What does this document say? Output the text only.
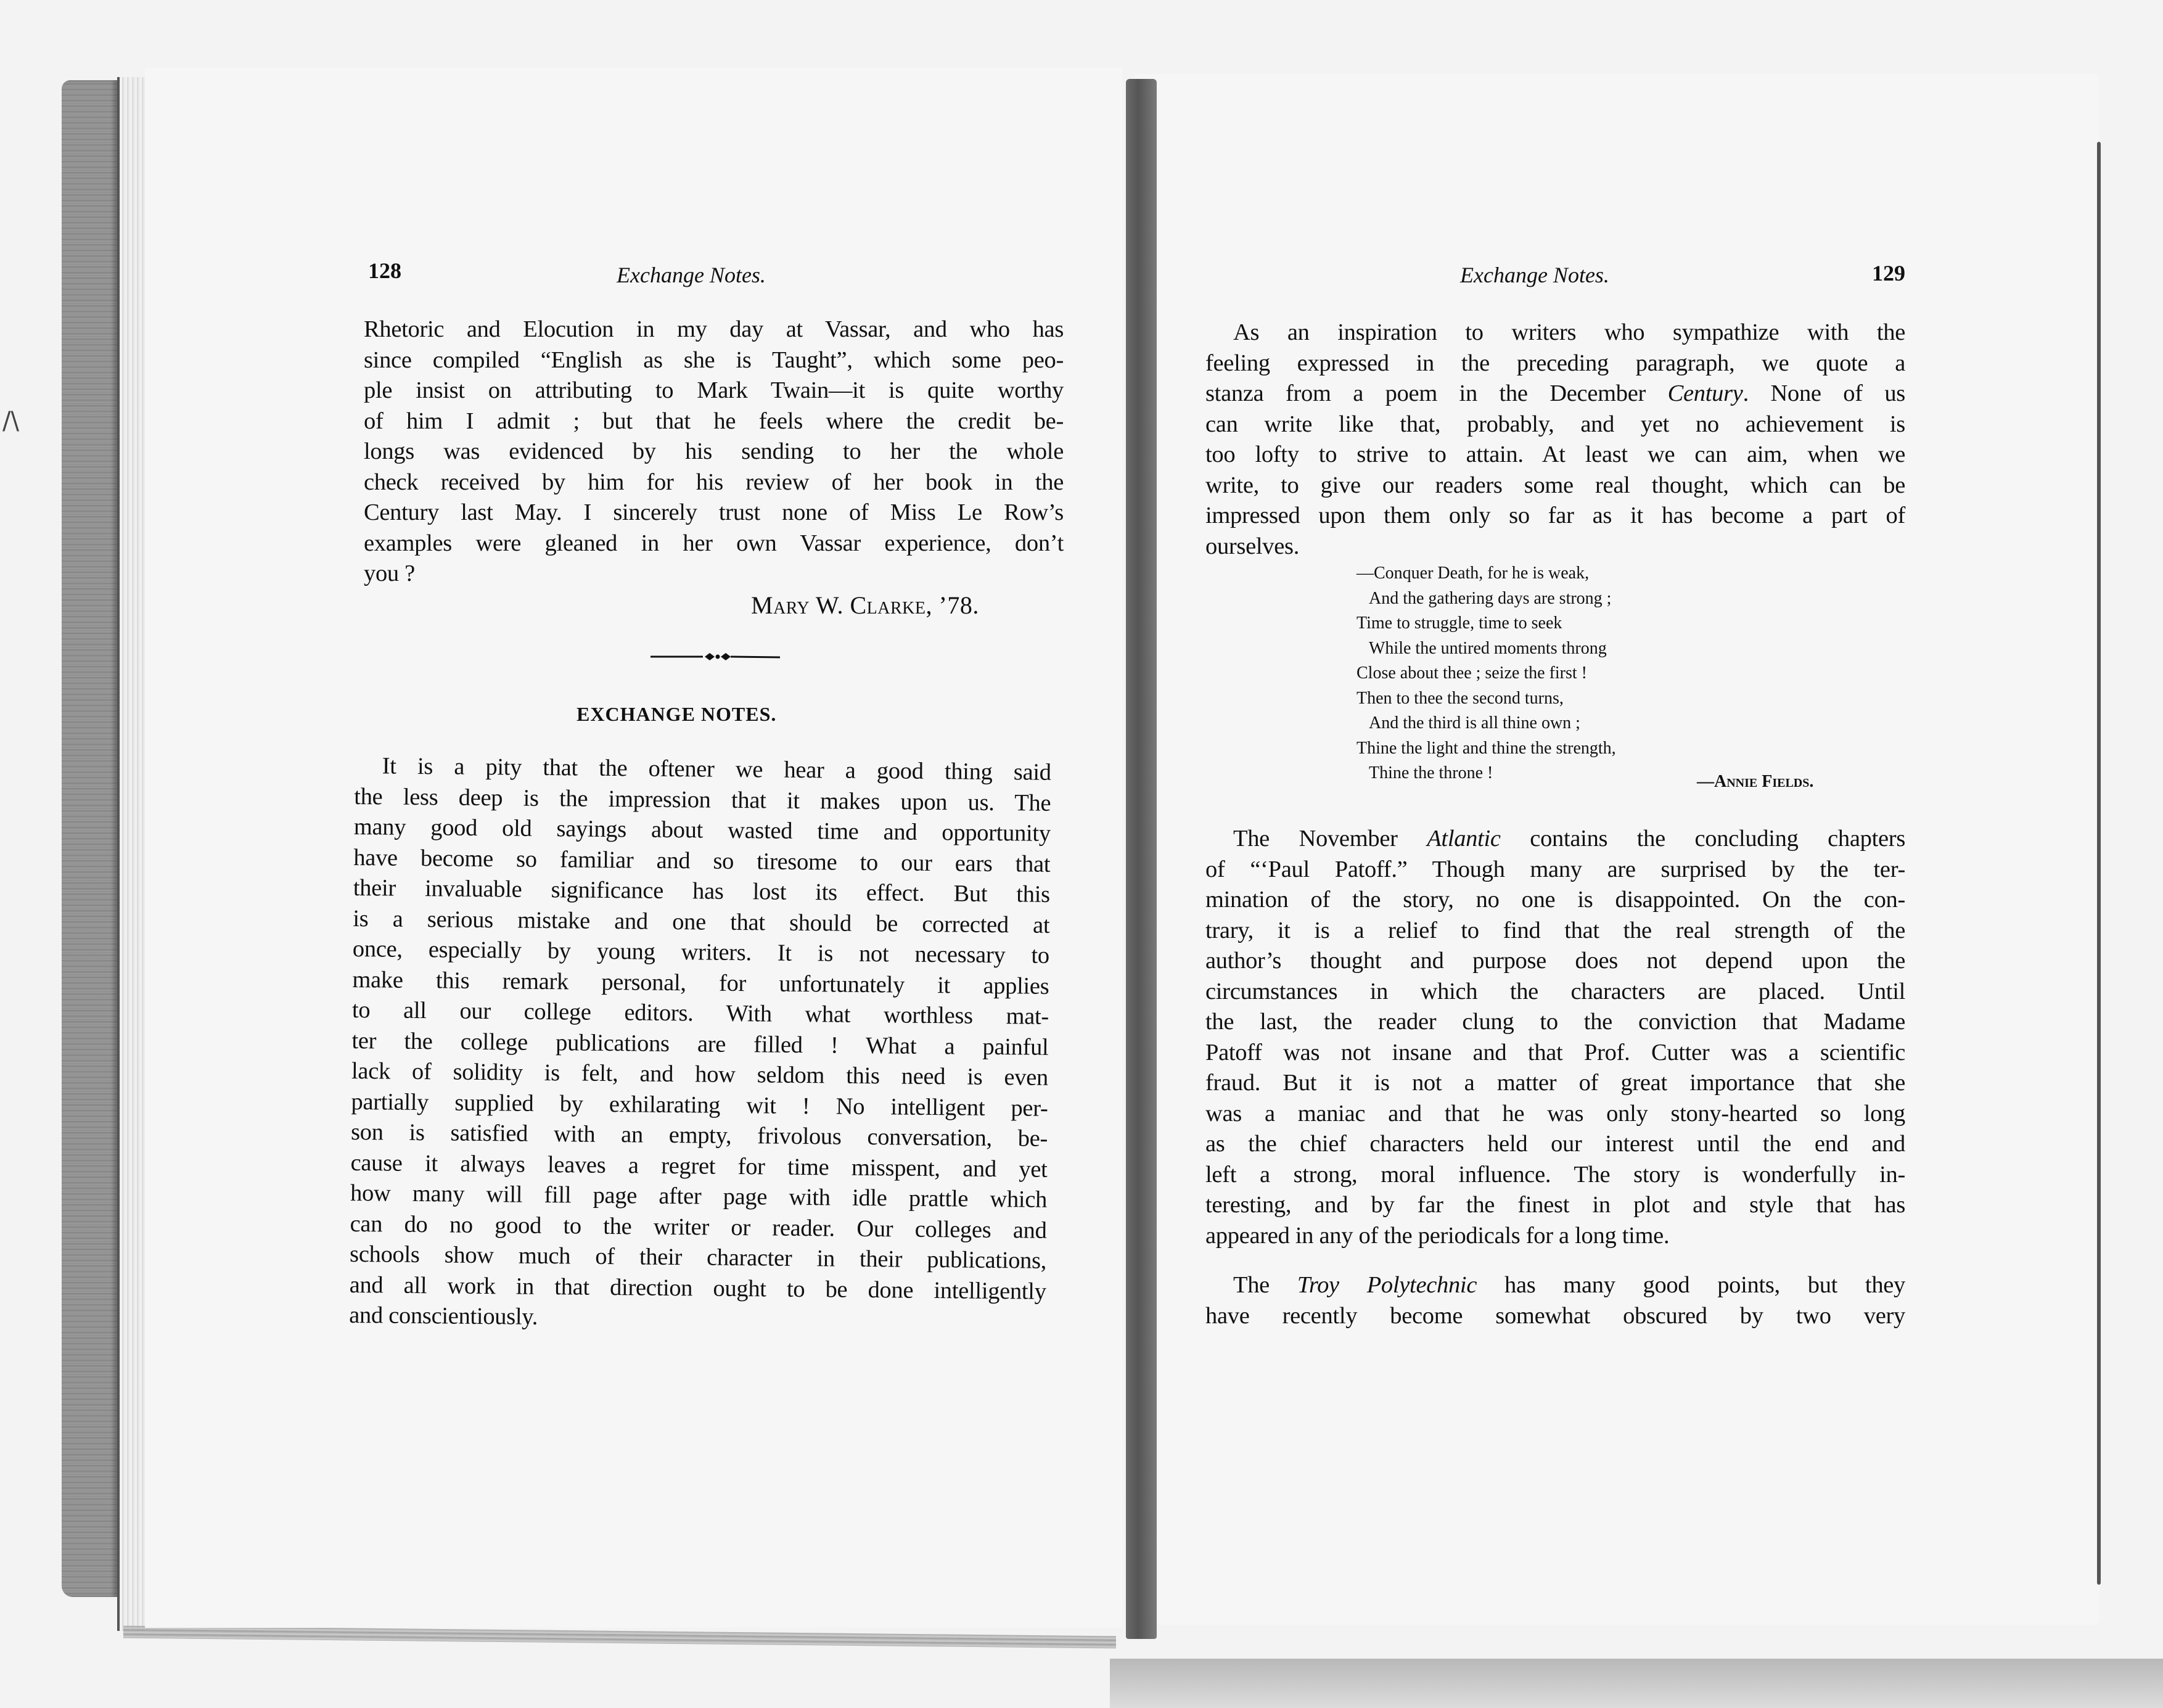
/\
128	Exchange Notes.
Rhetoric and Elocution in my day at Vassar, and who has
since compiled “English as she is Taught”, which some peo-
ple insist on attributing to Mark Twain—it is quite worthy
of him I admit ; but that he feels where the credit be-
longs was evidenced by his sending to her the whole
check received by him for his review of her book in the
Century last May. I sincerely trust none of Miss Le Row’s
examples were gleaned in her own Vassar experience, don’t
you ?
Mary W. Clarke, ’78.
EXCHANGE NOTES.
It is a pity that the oftener we hear a good thing said
the less deep is the impression that it makes upon us. The
many good old sayings about wasted time and opportunity
have become so familiar and so tiresome to our ears that
their invaluable significance has lost its effect. But this
is a serious mistake and one that should be corrected at
once, especially by young writers. It is not necessary to
make this remark personal, for unfortunately it applies
to all our college editors. With what worthless mat-
ter the college publications are filled ! What a painful
lack of solidity is felt, and how seldom this need is even
partially supplied by exhilarating wit ! No intelligent per-
son is satisfied with an empty, frivolous conversation, be-
cause it always leaves a regret for time misspent, and yet
how many will fill page after page with idle prattle which
can do no good to the writer or reader. Our colleges and
schools show much of their character in their publications,
and all work in that direction ought to be done intelligently
and conscientiously.
Exchange Notes.	129
As an inspiration to writers who sympathize with the
feeling expressed in the preceding paragraph, we quote a
stanza from a poem in the December Century. None of us
can write like that, probably, and yet no achievement is
too lofty to strive to attain. At least we can aim, when we
write, to give our readers some real thought, which can be
impressed upon them only so far as it has become a part of
ourselves.
—Conquer Death, for he is weak,
And the gathering days are strong ;
Time to struggle, time to seek
While the untired moments throng
Close about thee ; seize the first !
Then to thee the second turns,
And the third is all thine own ;
Thine the light and thine the strength,
Thine the throne !	—Annie Fields.
The November Atlantic contains the concluding chapters
of “‘Paul Patoff.” Though many are surprised by the ter-
mination of the story, no one is disappointed. On the con-
trary, it is a relief to find that the real strength of the
author’s thought and purpose does not depend upon the
circumstances in which the characters are placed. Until
the last, the reader clung to the conviction that Madame
Patoff was not insane and that Prof. Cutter was a scientific
fraud. But it is not a matter of great importance that she
was a maniac and that he was only stony-hearted so long
as the chief characters held our interest until the end and
left a strong, moral influence. The story is wonderfully in-
teresting, and by far the finest in plot and style that has
appeared in any of the periodicals for a long time.
The Troy Polytechnic has many good points, but they
have recently become somewhat obscured by two very
